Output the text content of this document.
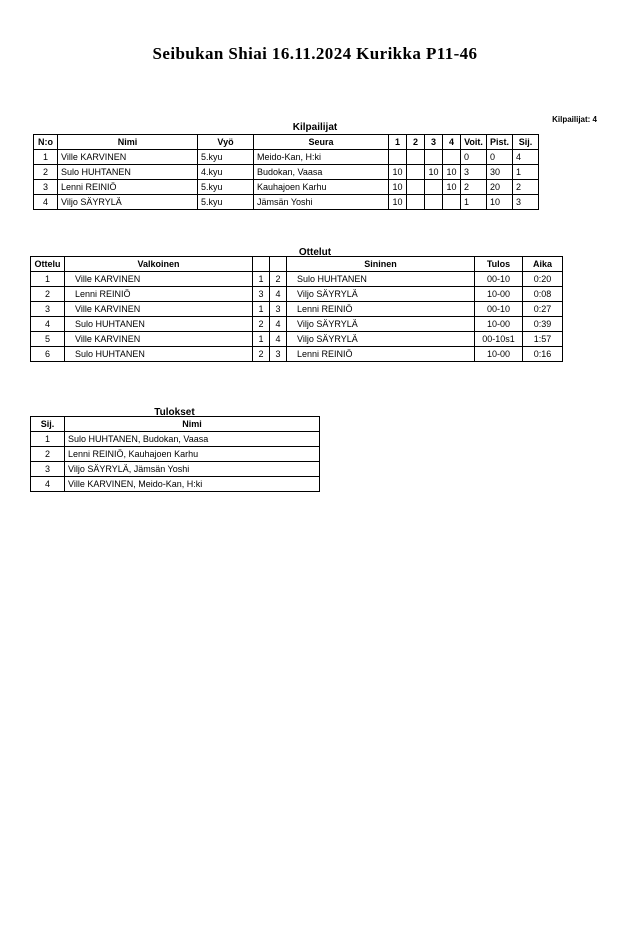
Seibukan Shiai 16.11.2024 Kurikka P11-46
Kilpailijat
Kilpailijat: 4
N:o	Nimi	Vyö	Seura	1	2	3	4	Voit.	Pist.	Sij.
1	Ville KARVINEN	5.kyu	Meido-Kan, H:ki					0	0	4
2	Sulo HUHTANEN	4.kyu	Budokan, Vaasa	10		10	10	3	30	1
3	Lenni REINIÖ	5.kyu	Kauhajoen Karhu	10			10	2	20	2
4	Viljo SÄYRYLÄ	5.kyu	Jämsän Yoshi	10				1	10	3
Ottelut
Ottelu	Valkoinen			Sininen	Tulos	Aika
1	Ville KARVINEN	1	2	Sulo HUHTANEN	00-10	0:20
2	Lenni REINIÖ	3	4	Viljo SÄYRYLÄ	10-00	0:08
3	Ville KARVINEN	1	3	Lenni REINIÖ	00-10	0:27
4	Sulo HUHTANEN	2	4	Viljo SÄYRYLÄ	10-00	0:39
5	Ville KARVINEN	1	4	Viljo SÄYRYLÄ	00-10s1	1:57
6	Sulo HUHTANEN	2	3	Lenni REINIÖ	10-00	0:16
Tulokset
Sij.	Nimi
1	Sulo HUHTANEN, Budokan, Vaasa
2	Lenni REINIÖ, Kauhajoen Karhu
3	Viljo SÄYRYLÄ, Jämsän Yoshi
4	Ville KARVINEN, Meido-Kan, H:ki
